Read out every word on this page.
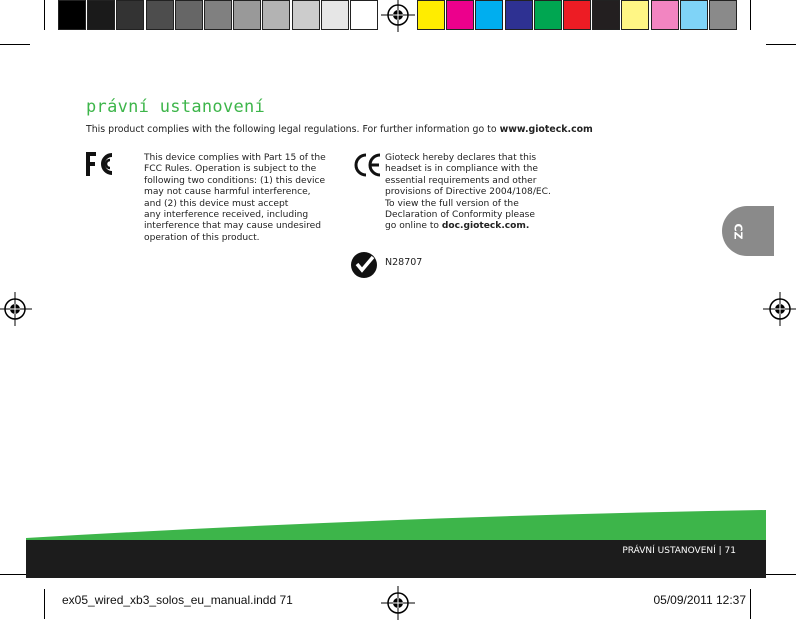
právní ustanovení
This product complies with the following legal regulations. For further information go to www.gioteck.com
FC
This device complies with Part 15 of the
FCC Rules. Operation is subject to the
following two conditions: (1) this device
may not cause harmful interference,
and (2) this device must accept
any interference received, including
interference that may cause undesired
operation of this product.
CE
Gioteck hereby declares that this
headset is in compliance with the
essential requirements and other
provisions of Directive 2004/108/EC.
To view the full version of the
Declaration of Conformity please
go online to doc.gioteck.com.
N28707
CZ
PRÁVNÍ USTANOVENÍ | 71
ex05_wired_xb3_solos_eu_manual.indd 71	05/09/2011 12:37
